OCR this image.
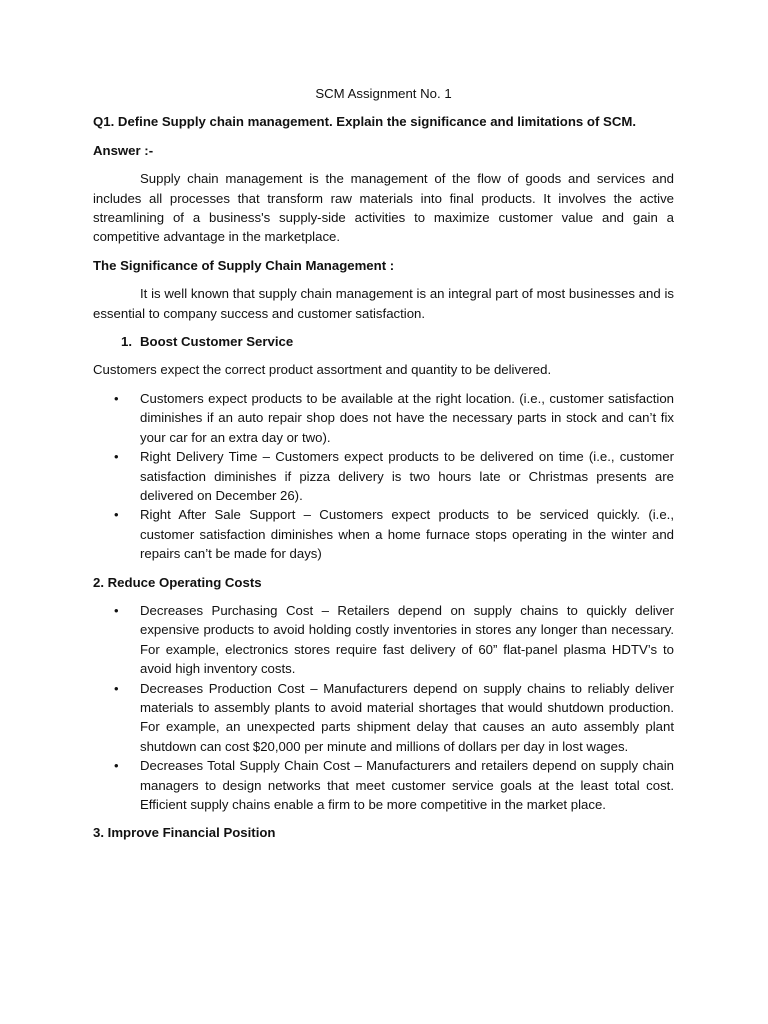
SCM Assignment No. 1
Q1. Define Supply chain management. Explain the significance and limitations of SCM.
Answer :-
Supply chain management is the management of the flow of goods and services and includes all processes that transform raw materials into final products. It involves the active streamlining of a business's supply-side activities to maximize customer value and gain a competitive advantage in the marketplace.
The Significance of Supply Chain Management :
It is well known that supply chain management is an integral part of most businesses and is essential to company success and customer satisfaction.
1. Boost Customer Service
Customers expect the correct product assortment and quantity to be delivered.
• Customers expect products to be available at the right location. (i.e., customer satisfaction diminishes if an auto repair shop does not have the necessary parts in stock and can’t fix your car for an extra day or two).
• Right Delivery Time – Customers expect products to be delivered on time (i.e., customer satisfaction diminishes if pizza delivery is two hours late or Christmas presents are delivered on December 26).
• Right After Sale Support – Customers expect products to be serviced quickly. (i.e., customer satisfaction diminishes when a home furnace stops operating in the winter and repairs can’t be made for days)
2. Reduce Operating Costs
• Decreases Purchasing Cost – Retailers depend on supply chains to quickly deliver expensive products to avoid holding costly inventories in stores any longer than necessary. For example, electronics stores require fast delivery of 60” flat-panel plasma HDTV’s to avoid high inventory costs.
• Decreases Production Cost – Manufacturers depend on supply chains to reliably deliver materials to assembly plants to avoid material shortages that would shutdown production. For example, an unexpected parts shipment delay that causes an auto assembly plant shutdown can cost $20,000 per minute and millions of dollars per day in lost wages.
• Decreases Total Supply Chain Cost – Manufacturers and retailers depend on supply chain managers to design networks that meet customer service goals at the least total cost. Efficient supply chains enable a firm to be more competitive in the market place.
3. Improve Financial Position
